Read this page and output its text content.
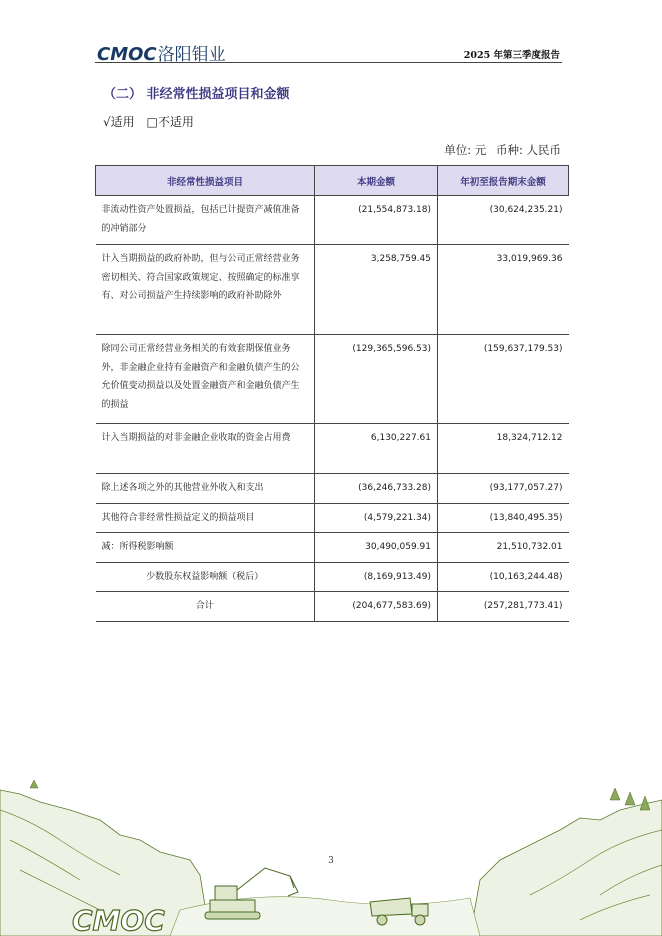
CMOC洛阳钼业	2025 年第三季度报告
（二） 非经常性损益项目和金额
√适用 □不适用
单位: 元 币种: 人民币
非经常性损益项目	本期金额	年初至报告期末金额
非流动性资产处置损益，包括已计提资产减值准备的冲销部分	(21,554,873.18)	(30,624,235.21)
计入当期损益的政府补助，但与公司正常经营业务密切相关、符合国家政策规定、按照确定的标准享有、对公司损益产生持续影响的政府补助除外	3,258,759.45	33,019,969.36
除同公司正常经营业务相关的有效套期保值业务外，非金融企业持有金融资产和金融负债产生的公允价值变动损益以及处置金融资产和金融负债产生的损益	(129,365,596.53)	(159,637,179.53)
计入当期损益的对非金融企业收取的资金占用费	6,130,227.61	18,324,712.12
除上述各项之外的其他营业外收入和支出	(36,246,733.28)	(93,177,057.27)
其他符合非经常性损益定义的损益项目	(4,579,221.34)	(13,840,495.35)
减：所得税影响额	30,490,059.91	21,510,732.01
少数股东权益影响额（税后）	(8,169,913.49)	(10,163,244.48)
合计	(204,677,583.69)	(257,281,773.41)
CMOC
3
